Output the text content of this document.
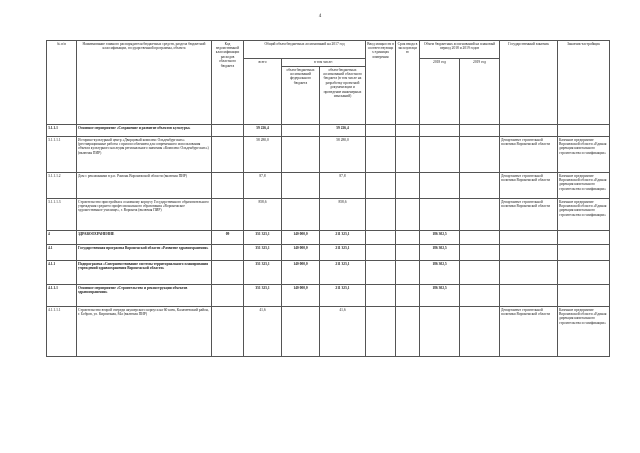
4
№ п/п	Наименование главного распорядителя бюджетных средств, раздела бюджетной классификации, государственной программы, объекта	Код ведомственной классификации расходов областного бюджета	Общий объем бюджетных ассигнований на 2017 год			Ввод мощности в соответствующих единицах измерения	Срок ввода в эксплуатацию	Объем бюджетных ассигнований на плановый период 2018 и 2019 годов		Государственный заказчик	Заказчик-застройщик
			всего	в том числе:				2018 год	2019 год		
				объем бюджетных ассигнований федерального бюджета	объем бюджетных ассигнований областного бюджета (в том числе на разработку проектной документации и проведение инженерных изысканий)						
3.1.1.1	Основное мероприятие «Сохранение и развитие объектов культуры»		59 226,4		59 226,4						
3.1.1.1.1	Историко-культурный центр «Дворцовый комплекс Ольденбургских» (реставрационные работы с приспособлением для современного использования объекта культурного наследия регионального значения «Комплекс Ольденбургских») (включая ПИР)		58 280,0		58 280,0					Департамент строительной политики Воронежской области	Казенное предприятие Воронежской области «Единая дирекция капитального строительства и газификации»
3.1.1.1.2	Дом с рекламными в р.п. Рамонь Воронежской области (включая ПИР)		87,8		87,8					Департамент строительной политики Воронежской области	Казенное предприятие Воронежской области «Единая дирекция капитального строительства и газификации»
3.1.1.1.3	Строительство пристройки к основному корпусу Государственного образовательного учреждения среднего профессионального образования «Воронежское художественное училище», г. Воронеж (включая ПИР)		858,6		858,6					Департамент строительной политики Воронежской области	Казенное предприятие Воронежской области «Единая дирекция капитального строительства и газификации»
4	ЗДРАВООХРАНЕНИЕ	09	351 325,1	140 000,0	211 325,1			186 302,5			
4.1	Государственная программа Воронежской области «Развитие здравоохранения»		351 325,1	140 000,0	211 325,1			186 302,5			
4.1.1	Подпрограмма «Совершенствование системы территориального планирования учреждений здравоохранения Воронежской области»		351 325,1	140 000,0	211 325,1			186 302,5			
4.1.1.1	Основное мероприятие «Строительство и реконструкция объектов здравоохранения»		351 325,1	140 000,0	211 325,1			186 302,5			
4.1.1.1.1	Строительство второй очереди акушерского корпуса на 60 коек, Калачеевский район, г. Бобров, ул. Кирпичная, 84а (включая ПИР)		41,6		41,6					Департамент строительной политики Воронежской области	Казенное предприятие Воронежской области «Единая дирекция капитального строительства и газификации»
